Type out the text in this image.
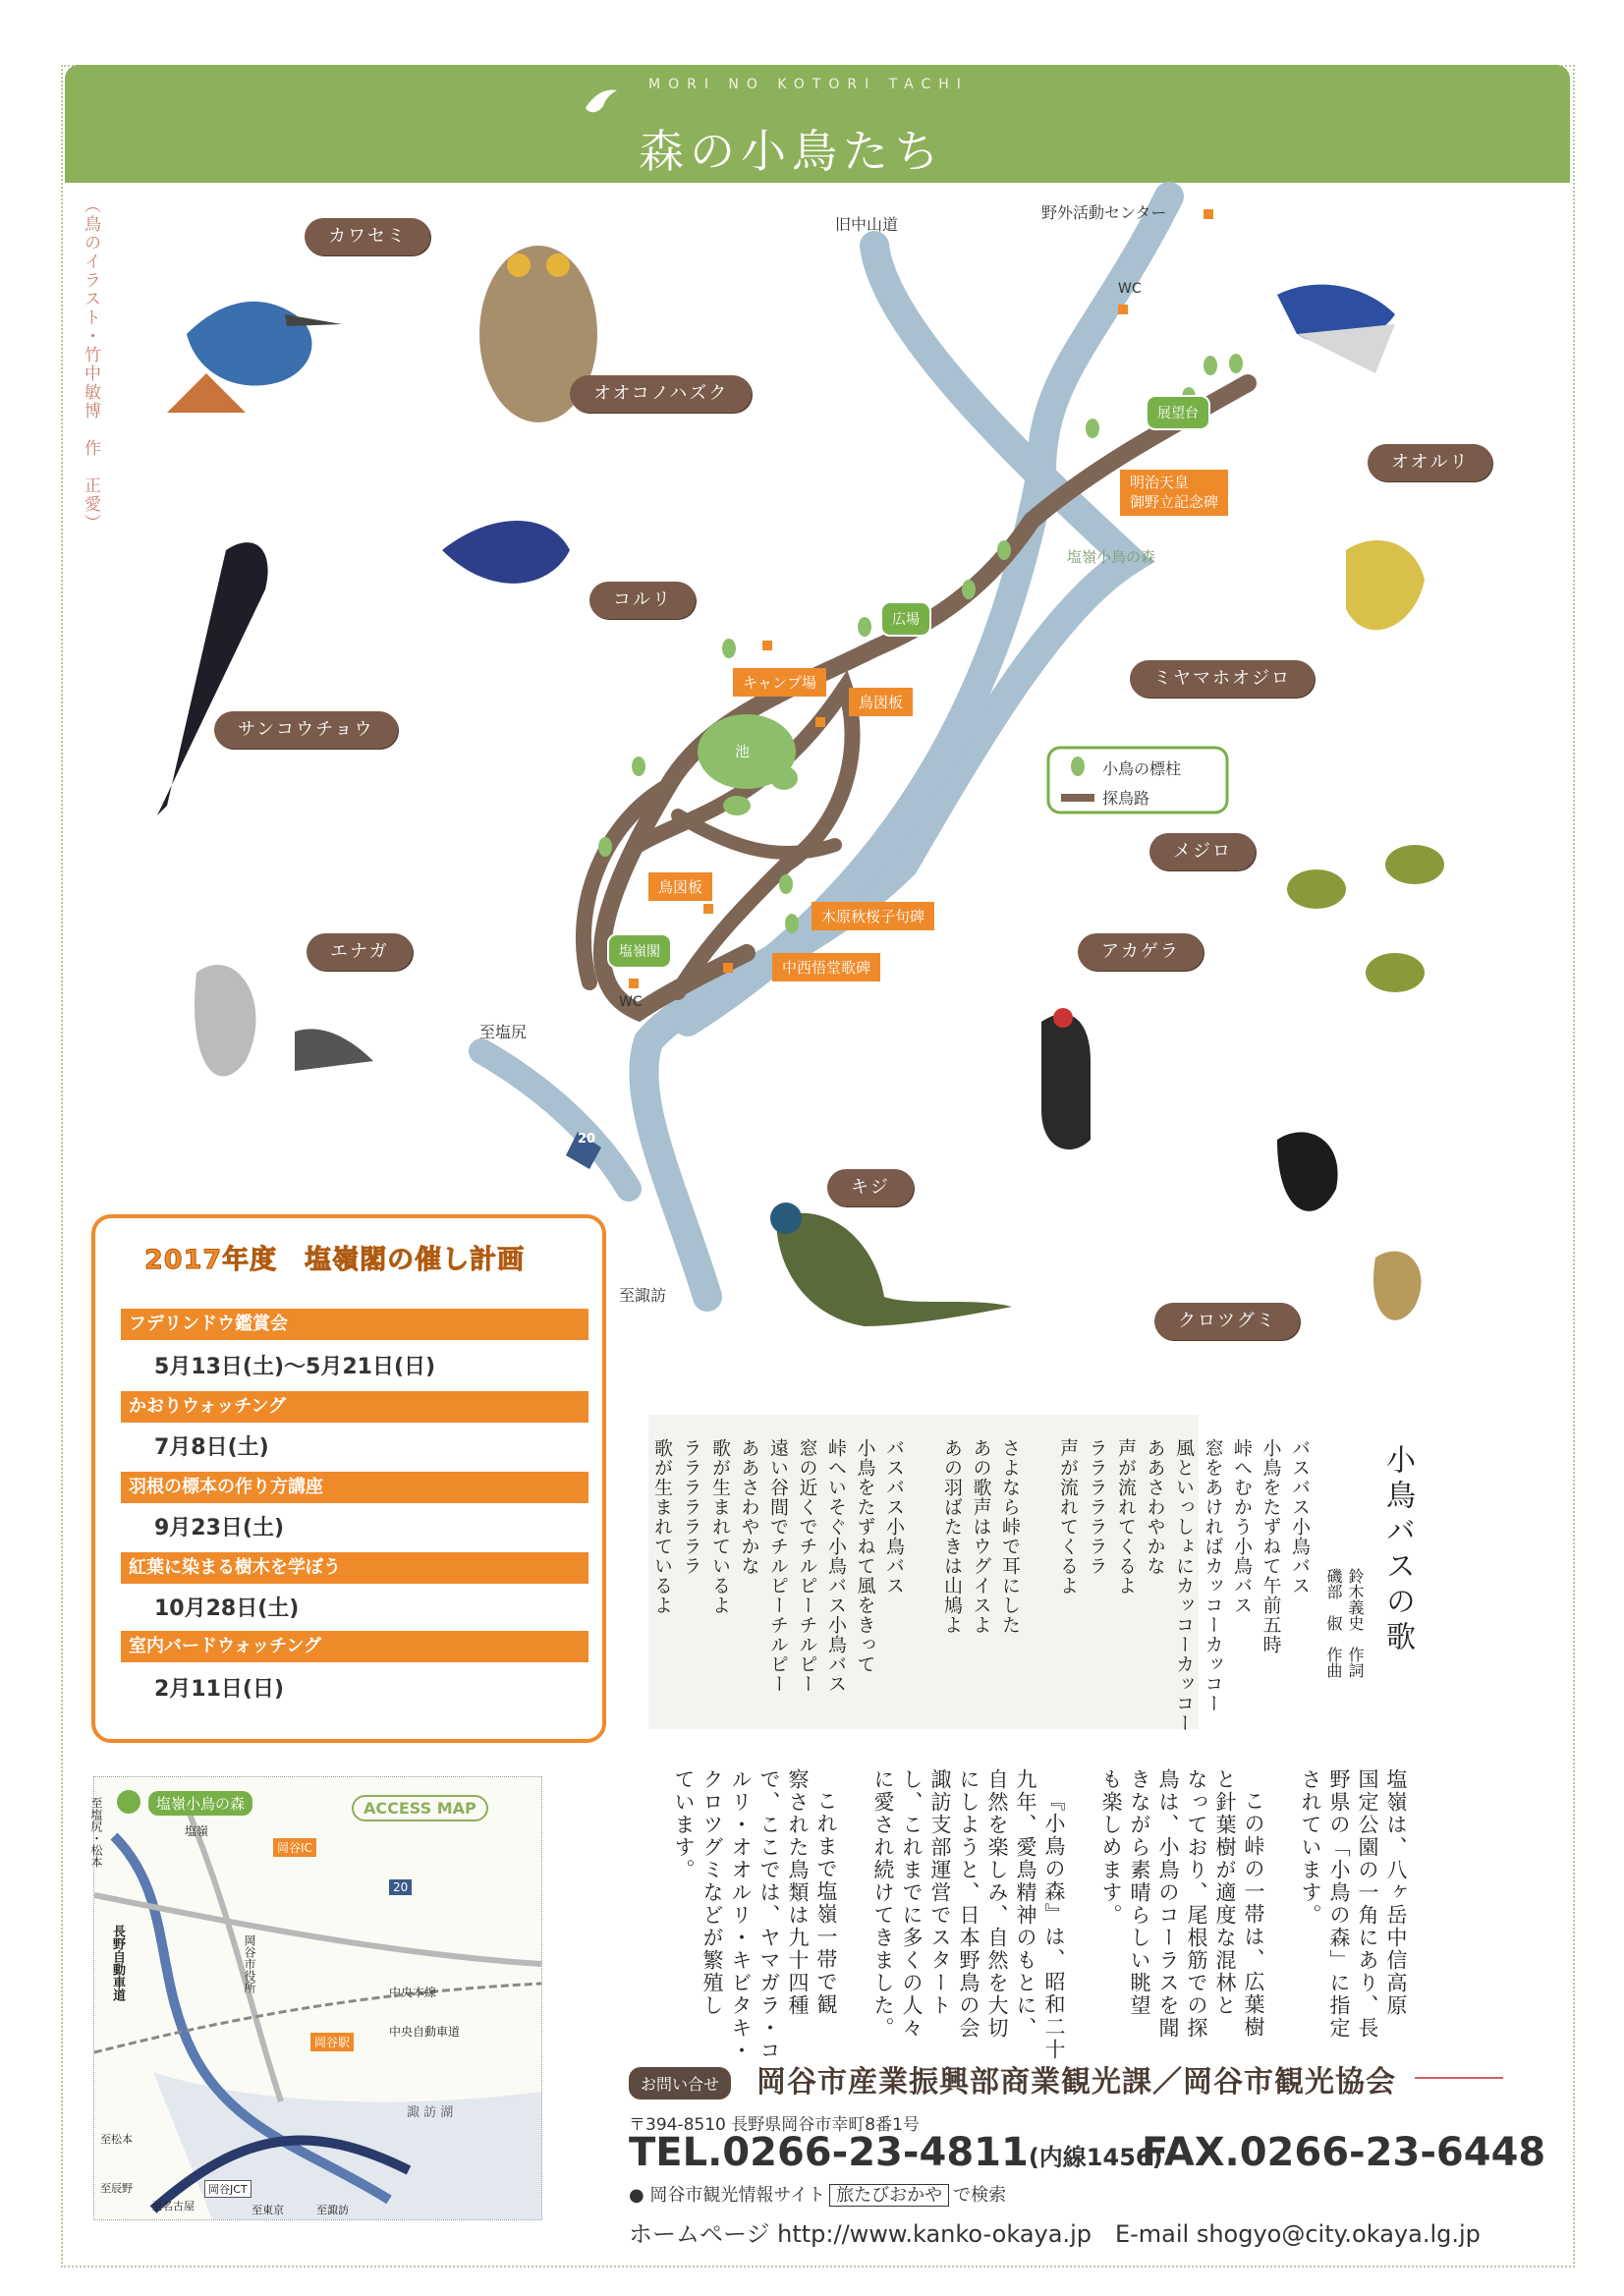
MORI NO KOTORI TACHI
森の小鳥たち
（鳥のイラスト・竹中敏博　作　正愛）	カワセミ
オオコノハズク
オオルリ
コルリ
サンコウチョウ
ミヤマホオジロ
メジロ
エナガ	アカゲラ
キジ
クロツグミ
旧中山道
野外活動センター
WC
展望台
明治天皇
御野立記念碑
塩嶺小鳥の森
広場
キャンプ場
鳥図板
池
小鳥の標柱
探鳥路
鳥図板
木原秋桜子句碑
塩嶺閣
中西悟堂歌碑
WC
至塩尻
20
至諏訪
2017年度　塩嶺閣の催し計画
フデリンドウ鑑賞会
5月13日(土)～5月21日(日)
かおりウォッチング
7月8日(土)
羽根の標本の作り方講座
9月23日(土)
紅葉に染まる樹木を学ぼう
10月28日(土)
室内バードウォッチング
2月11日(日)
小鳥バスの歌
鈴木義史　作詞
磯部　俶　作曲
バスバス小鳥バス
小鳥をたずねて午前五時
峠へむかう小鳥バス
窓をあければカッコーカッコー
風といっしょにカッコーカッコー
ああさわやかな
声が流れてくるよ
ラララララララ
声が流れてくるよ
さよなら峠で耳にした
あの歌声はウグイスよ
あの羽ばたきは山鳩よ
バスバス小鳥バス
小鳥をたずねて風をきって
峠へいそぐ小鳥バス小鳥バス
窓の近くでチルピーチルピー
遠い谷間でチルピーチルピー
ああさわやかな
歌が生まれているよ
ラララララララ
歌が生まれているよ
塩嶺は、八ヶ岳中信高原
国定公園の一角にあり、長
野県の「小鳥の森」に指定
されています。
この峠の一帯は、広葉樹
と針葉樹が適度な混林と
なっており、尾根筋での探
鳥は、小鳥のコーラスを聞
きながら素晴らしい眺望
も楽しめます。
『小鳥の森』は、昭和二十
九年、愛鳥精神のもとに、
自然を楽しみ、自然を大切
にしようと、日本野鳥の会
諏訪支部運営でスタート
し、これまでに多くの人々
に愛され続けてきました。
これまで塩嶺一帯で観
察された鳥類は九十四種
で、ここでは、ヤマガラ・コ
ルリ・オオルリ・キビタキ・
クロツグミなどが繁殖し
ています。
ACCESS MAP
塩嶺小鳥の森
至塩尻・松本	塩嶺
岡谷IC
長野自動車道	岡谷市役所
岡谷駅
中央自動車道
中央本線
20
諏 訪 湖
至松本
至辰野
至名古屋	至東京	至諏訪
岡谷JCT
お問い合せ	岡谷市産業振興部商業観光課／岡谷市観光協会
〒394-8510 長野県岡谷市幸町8番1号
TEL.0266-23-4811(内線1456)
FAX.0266-23-6448
● 岡谷市観光情報サイト 旅たびおかや で検索
ホームページ http://www.kanko-okaya.jp　E-mail shogyo@city.okaya.lg.jp
